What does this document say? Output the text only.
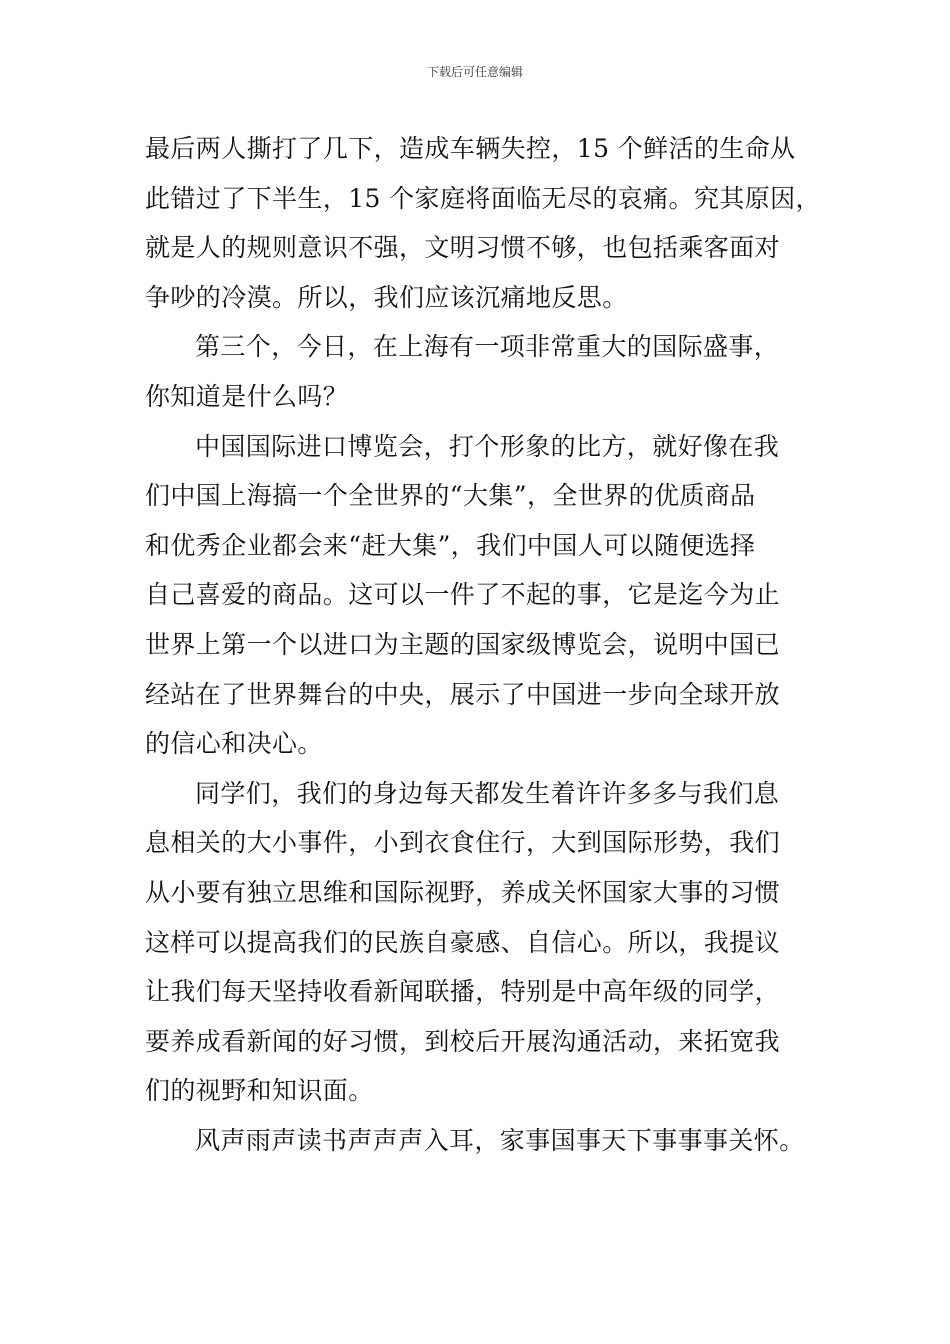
下载后可任意编辑
最后两人撕打了几下，造成车辆失控，15 个鲜活的生命从
此错过了下半生，15 个家庭将面临无尽的哀痛。究其原因，
就是人的规则意识不强，文明习惯不够，也包括乘客面对
争吵的冷漠。所以，我们应该沉痛地反思。
第三个，今日，在上海有一项非常重大的国际盛事，
你知道是什么吗？
中国国际进口博览会，打个形象的比方，就好像在我
们中国上海搞一个全世界的“大集”，全世界的优质商品
和优秀企业都会来“赶大集”，我们中国人可以随便选择
自己喜爱的商品。这可以一件了不起的事，它是迄今为止
世界上第一个以进口为主题的国家级博览会，说明中国已
经站在了世界舞台的中央，展示了中国进一步向全球开放
的信心和决心。
同学们，我们的身边每天都发生着许许多多与我们息
息相关的大小事件，小到衣食住行，大到国际形势，我们
从小要有独立思维和国际视野，养成关怀国家大事的习惯
这样可以提高我们的民族自豪感、自信心。所以，我提议
让我们每天坚持收看新闻联播，特别是中高年级的同学，
要养成看新闻的好习惯，到校后开展沟通活动，来拓宽我
们的视野和知识面。
风声雨声读书声声声入耳，家事国事天下事事事关怀。
